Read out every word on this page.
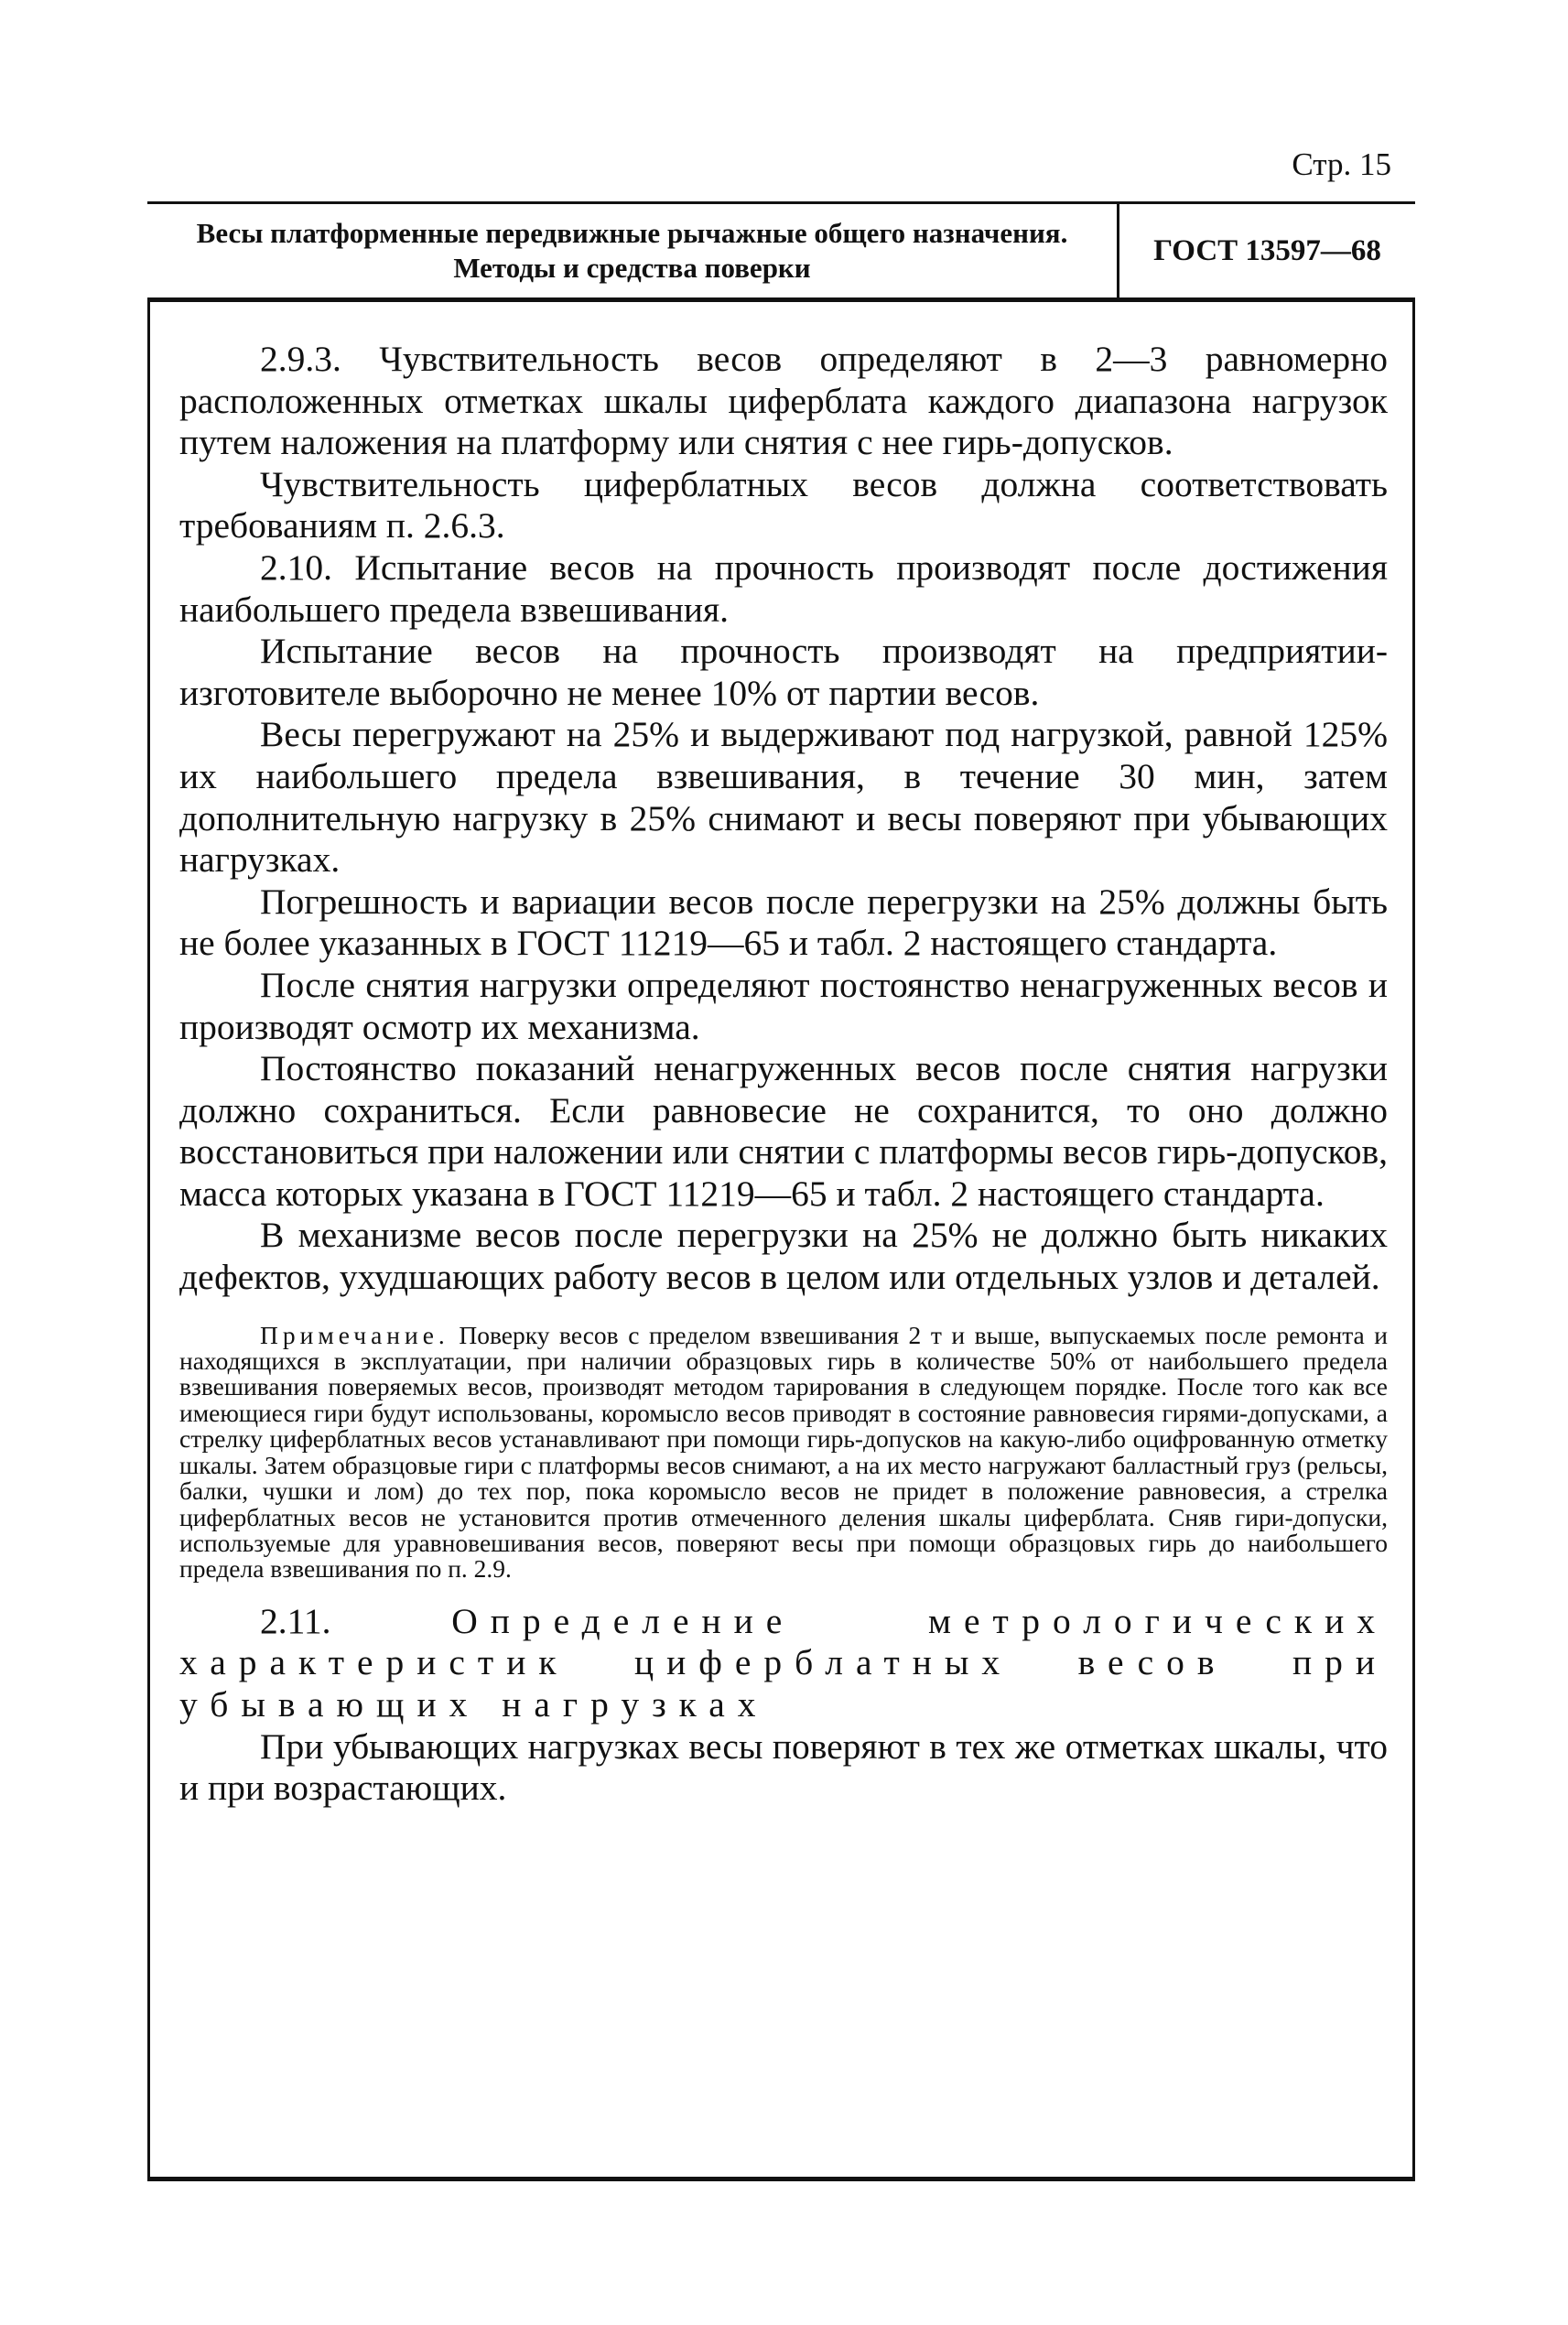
Стр. 15
Весы платформенные передвижные рычажные общего назначения. Методы и средства поверки
ГОСТ 13597—68

2.9.3. Чувствительность весов определяют в 2—3 равномерно расположенных отметках шкалы циферблата каждого диапазона нагрузок путем наложения на платформу или снятия с нее гирь-допусков.

Чувствительность циферблатных весов должна соответствовать требованиям п. 2.6.3.

2.10. Испытание весов на прочность производят после достижения наибольшего предела взвешивания.

Испытание весов на прочность производят на предприятии-изготовителе выборочно не менее 10% от партии весов.

Весы перегружают на 25% и выдерживают под нагрузкой, равной 125% их наибольшего предела взвешивания, в течение 30 мин, затем дополнительную нагрузку в 25% снимают и весы поверяют при убывающих нагрузках.

Погрешность и вариации весов после перегрузки на 25% должны быть не более указанных в ГОСТ 11219—65 и табл. 2 настоящего стандарта.

После снятия нагрузки определяют постоянство ненагруженных весов и производят осмотр их механизма.

Постоянство показаний ненагруженных весов после снятия нагрузки должно сохраниться. Если равновесие не сохранится, то оно должно восстановиться при наложении или снятии с платформы весов гирь-допусков, масса которых указана в ГОСТ 11219—65 и табл. 2 настоящего стандарта.

В механизме весов после перегрузки на 25% не должно быть никаких дефектов, ухудшающих работу весов в целом или отдельных узлов и деталей.

Примечание. Поверку весов с пределом взвешивания 2 т и выше, выпускаемых после ремонта и находящихся в эксплуатации, при наличии образцовых гирь в количестве 50% от наибольшего предела взвешивания поверяемых весов, производят методом тарирования в следующем порядке. После того как все имеющиеся гири будут использованы, коромысло весов приводят в состояние равновесия гирями-допусками, а стрелку циферблатных весов устанавливают при помощи гирь-допусков на какую-либо оцифрованную отметку шкалы. Затем образцовые гири с платформы весов снимают, а на их место нагружают балластный груз (рельсы, балки, чушки и лом) до тех пор, пока коромысло весов не придет в положение равновесия, а стрелка циферблатных весов не установится против отмеченного деления шкалы циферблата. Сняв гири-допуски, используемые для уравновешивания весов, поверяют весы при помощи образцовых гирь до наибольшего предела взвешивания по п. 2.9.

2.11.	Определение метрологических характеристик циферблатных весов при убывающих нагрузках

При убывающих нагрузках весы поверяют в тех же отметках шкалы, что и при возрастающих.
